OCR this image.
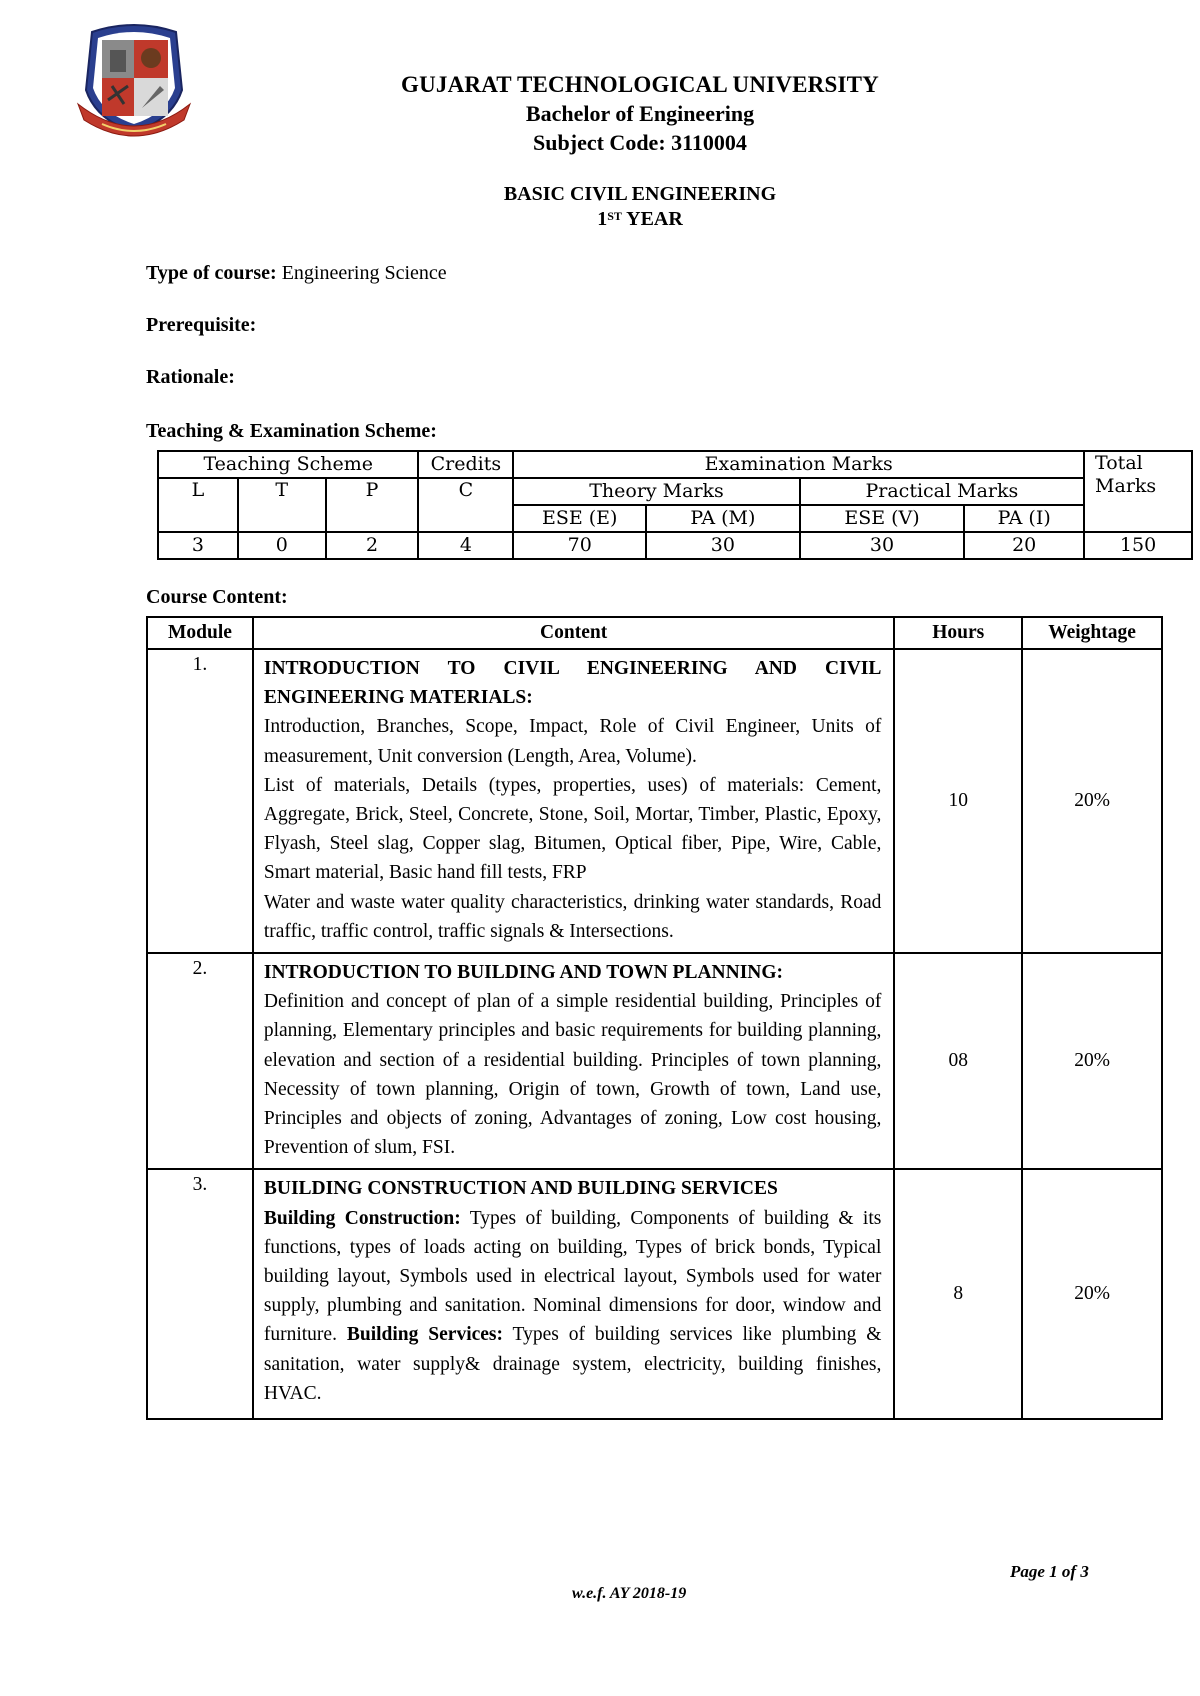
GUJARAT TECHNOLOGICAL UNIVERSITY
Bachelor of Engineering
Subject Code: 3110004
BASIC CIVIL ENGINEERING
1ST YEAR
Type of course: Engineering Science
Prerequisite:
Rationale:
Teaching & Examination Scheme:
Teaching Scheme			Credits	Examination Marks				Total
Marks
L	T	P	C	Theory Marks		Practical Marks		
				ESE (E)	PA (M)	ESE (V)	PA (I)	
3	0	2	4	70	30	30	20	150
Course Content:
Module	Content	Hours	Weightage
1.	INTRODUCTION TO CIVIL ENGINEERING AND CIVIL ENGINEERING MATERIALS:
Introduction, Branches, Scope, Impact, Role of Civil Engineer, Units of measurement, Unit conversion (Length, Area, Volume).
List of materials, Details (types, properties, uses) of materials: Cement, Aggregate, Brick, Steel, Concrete, Stone, Soil, Mortar, Timber, Plastic, Epoxy, Flyash, Steel slag, Copper slag, Bitumen, Optical fiber, Pipe, Wire, Cable, Smart material, Basic hand fill tests, FRP
Water and waste water quality characteristics, drinking water standards, Road traffic, traffic control, traffic signals & Intersections.	10	20%
2.	INTRODUCTION TO BUILDING AND TOWN PLANNING:
Definition and concept of plan of a simple residential building, Principles of planning, Elementary principles and basic requirements for building planning, elevation and section of a residential building. Principles of town planning, Necessity of town planning, Origin of town, Growth of town, Land use, Principles and objects of zoning, Advantages of zoning, Low cost housing, Prevention of slum, FSI.	08	20%
3.	BUILDING CONSTRUCTION AND BUILDING SERVICES
Building Construction: Types of building, Components of building & its functions, types of loads acting on building, Types of brick bonds, Typical building layout, Symbols used in electrical layout, Symbols used for water supply, plumbing and sanitation. Nominal dimensions for door, window and furniture. Building Services: Types of building services like plumbing & sanitation, water supply& drainage system, electricity, building finishes, HVAC.	8	20%
Page 1 of 3
w.e.f. AY 2018-19
